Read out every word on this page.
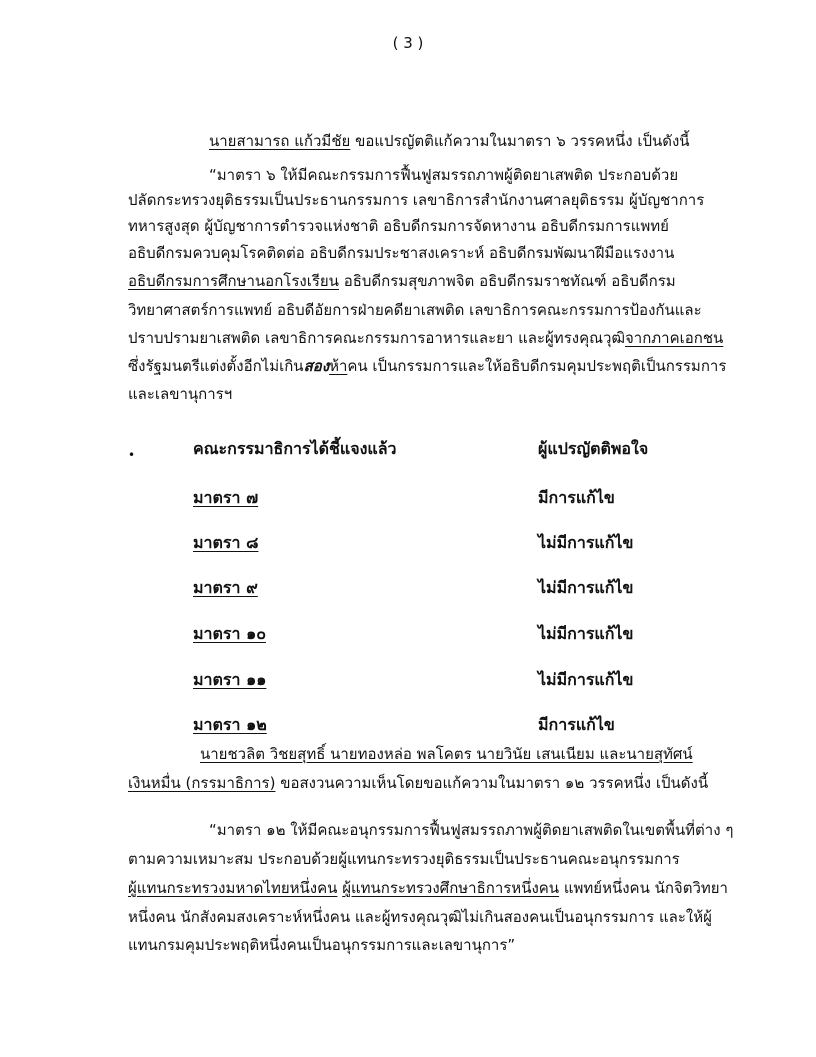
( 3 )
นายสามารถ แก้วมีชัย ขอแปรญัตติแก้ความในมาตรา ๖ วรรคหนึ่ง เป็นดังนี้
“มาตรา ๖ ให้มีคณะกรรมการฟื้นฟูสมรรถภาพผู้ติดยาเสพติด ประกอบด้วย
ปลัดกระทรวงยุติธรรมเป็นประธานกรรมการ เลขาธิการสำนักงานศาลยุติธรรม ผู้บัญชาการ
ทหารสูงสุด ผู้บัญชาการตำรวจแห่งชาติ อธิบดีกรมการจัดหางาน อธิบดีกรมการแพทย์
อธิบดีกรมควบคุมโรคติดต่อ อธิบดีกรมประชาสงเคราะห์ อธิบดีกรมพัฒนาฝีมือแรงงาน
อธิบดีกรมการศึกษานอกโรงเรียน อธิบดีกรมสุขภาพจิต อธิบดีกรมราชทัณฑ์ อธิบดีกรม
วิทยาศาสตร์การแพทย์ อธิบดีอัยการฝ่ายคดียาเสพติด เลขาธิการคณะกรรมการป้องกันและ
ปราบปรามยาเสพติด เลขาธิการคณะกรรมการอาหารและยา และผู้ทรงคุณวุฒิจากภาคเอกชน
ซึ่งรัฐมนตรีแต่งตั้งอีกไม่เกินสองห้าคน เป็นกรรมการและให้อธิบดีกรมคุมประพฤติเป็นกรรมการ
และเลขานุการฯ
•	คณะกรรมาธิการได้ชี้แจงแล้ว	ผู้แปรญัตติพอใจ
มาตรา ๗	มีการแก้ไข
มาตรา ๘	ไม่มีการแก้ไข
มาตรา ๙	ไม่มีการแก้ไข
มาตรา ๑๐	ไม่มีการแก้ไข
มาตรา ๑๑	ไม่มีการแก้ไข
มาตรา ๑๒	มีการแก้ไข
นายชวลิต วิชยสุทธิ์ นายทองหล่อ พลโคตร นายวินัย เสนเนียม และนายสุทัศน์
เงินหมื่น (กรรมาธิการ) ขอสงวนความเห็นโดยขอแก้ความในมาตรา ๑๒ วรรคหนึ่ง เป็นดังนี้
“มาตรา ๑๒ ให้มีคณะอนุกรรมการฟื้นฟูสมรรถภาพผู้ติดยาเสพติดในเขตพื้นที่ต่าง ๆ
ตามความเหมาะสม ประกอบด้วยผู้แทนกระทรวงยุติธรรมเป็นประธานคณะอนุกรรมการ
ผู้แทนกระทรวงมหาดไทยหนึ่งคน ผู้แทนกระทรวงศึกษาธิการหนึ่งคน แพทย์หนึ่งคน นักจิตวิทยา
หนึ่งคน นักสังคมสงเคราะห์หนึ่งคน และผู้ทรงคุณวุฒิไม่เกินสองคนเป็นอนุกรรมการ และให้ผู้
แทนกรมคุมประพฤติหนึ่งคนเป็นอนุกรรมการและเลขานุการ”
